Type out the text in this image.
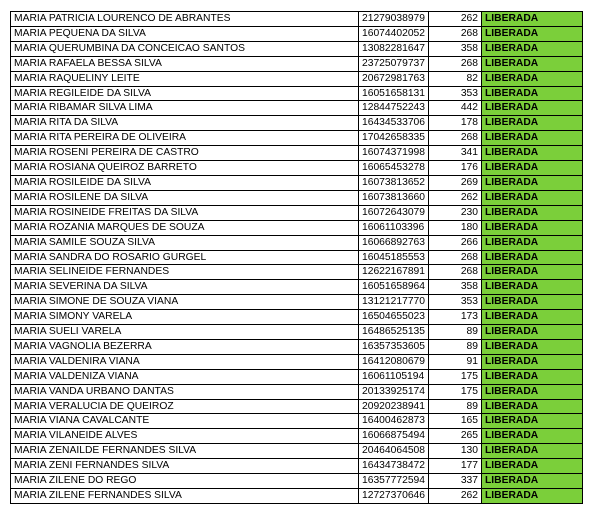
MARIA PATRICIA LOURENCO DE ABRANTES	21279038979	262	LIBERADA
MARIA PEQUENA DA SILVA	16074402052	268	LIBERADA
MARIA QUERUMBINA DA CONCEICAO SANTOS	13082281647	358	LIBERADA
MARIA RAFAELA BESSA SILVA	23725079737	268	LIBERADA
MARIA RAQUELINY LEITE	20672981763	82	LIBERADA
MARIA REGILEIDE DA SILVA	16051658131	353	LIBERADA
MARIA RIBAMAR SILVA LIMA	12844752243	442	LIBERADA
MARIA RITA DA SILVA	16434533706	178	LIBERADA
MARIA RITA PEREIRA DE OLIVEIRA	17042658335	268	LIBERADA
MARIA ROSENI PEREIRA DE CASTRO	16074371998	341	LIBERADA
MARIA ROSIANA QUEIROZ BARRETO	16065453278	176	LIBERADA
MARIA ROSILEIDE DA SILVA	16073813652	269	LIBERADA
MARIA ROSILENE DA SILVA	16073813660	262	LIBERADA
MARIA ROSINEIDE FREITAS DA SILVA	16072643079	230	LIBERADA
MARIA ROZANIA MARQUES DE SOUZA	16061103396	180	LIBERADA
MARIA SAMILE SOUZA SILVA	16066892763	266	LIBERADA
MARIA SANDRA DO ROSARIO GURGEL	16045185553	268	LIBERADA
MARIA SELINEIDE FERNANDES	12622167891	268	LIBERADA
MARIA SEVERINA DA SILVA	16051658964	358	LIBERADA
MARIA SIMONE DE SOUZA VIANA	13121217770	353	LIBERADA
MARIA SIMONY VARELA	16504655023	173	LIBERADA
MARIA SUELI VARELA	16486525135	89	LIBERADA
MARIA VAGNOLIA BEZERRA	16357353605	89	LIBERADA
MARIA VALDENIRA VIANA	16412080679	91	LIBERADA
MARIA VALDENIZA VIANA	16061105194	175	LIBERADA
MARIA VANDA URBANO DANTAS	20133925174	175	LIBERADA
MARIA VERALUCIA DE QUEIROZ	20920238941	89	LIBERADA
MARIA VIANA CAVALCANTE	16400462873	165	LIBERADA
MARIA VILANEIDE ALVES	16066875494	265	LIBERADA
MARIA ZENAILDE FERNANDES SILVA	20464064508	130	LIBERADA
MARIA ZENI FERNANDES SILVA	16434738472	177	LIBERADA
MARIA ZILENE DO REGO	16357772594	337	LIBERADA
MARIA ZILENE FERNANDES SILVA	12727370646	262	LIBERADA
